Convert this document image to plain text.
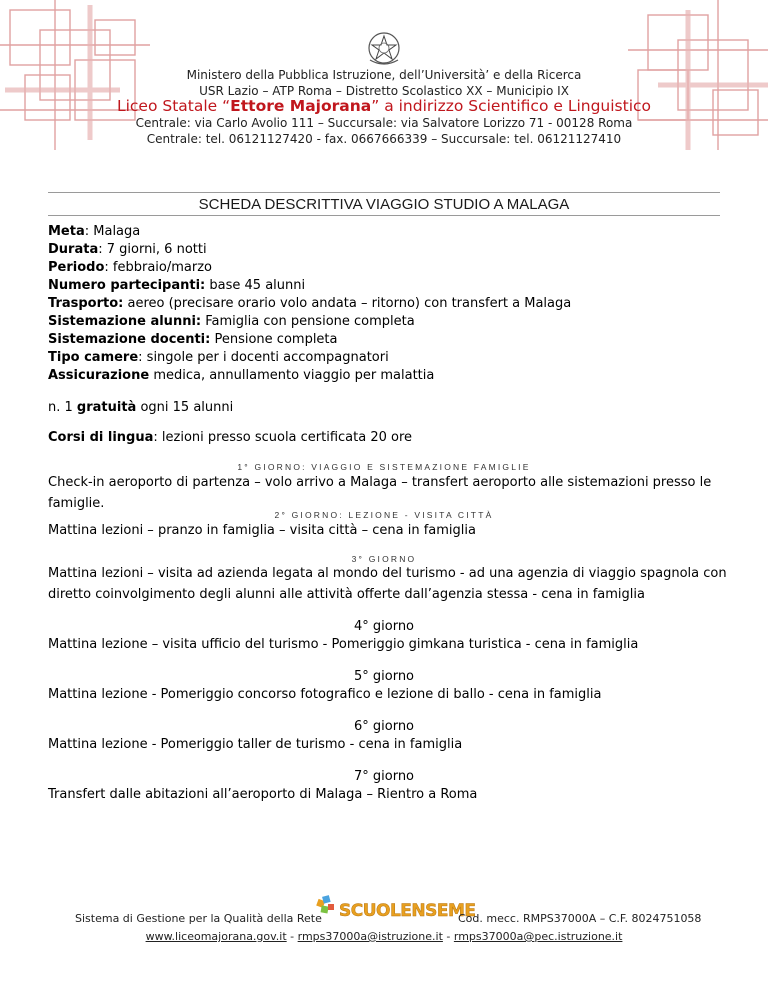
Ministero della Pubblica Istruzione, dell’Università’ e della Ricerca
USR Lazio – ATP Roma – Distretto Scolastico XX – Municipio IX
Liceo Statale “Ettore Majorana” a indirizzo Scientifico e Linguistico
Centrale: via Carlo Avolio 111 – Succursale: via Salvatore Lorizzo 71 - 00128 Roma
Centrale: tel. 06121127420 - fax. 0667666339 – Succursale: tel. 06121127410
SCHEDA DESCRITTIVA VIAGGIO STUDIO A MALAGA
Meta: Malaga
Durata: 7 giorni, 6 notti
Periodo: febbraio/marzo
Numero partecipanti: base 45 alunni
Trasporto: aereo (precisare orario volo andata – ritorno) con transfert a Malaga
Sistemazione alunni: Famiglia con pensione completa
Sistemazione docenti: Pensione completa
Tipo camere: singole per i docenti accompagnatori
Assicurazione medica, annullamento viaggio per malattia
n. 1 gratuità ogni 15 alunni
Corsi di lingua: lezioni presso scuola certificata 20 ore
1° GIORNO: VIAGGIO E SISTEMAZIONE FAMIGLIE
Check-in aeroporto di partenza – volo arrivo a Malaga – transfert aeroporto alle sistemazioni presso le famiglie.
2° GIORNO: LEZIONE - VISITA CITTÀ
Mattina lezioni – pranzo in famiglia – visita città – cena in famiglia
3° GIORNO
Mattina lezioni – visita ad azienda legata al mondo del turismo - ad una agenzia di viaggio spagnola con diretto coinvolgimento degli alunni alle attività offerte dall’agenzia stessa - cena in famiglia
4° giorno
Mattina lezione – visita ufficio del turismo - Pomeriggio gimkana turistica - cena in famiglia
5° giorno
Mattina lezione - Pomeriggio concorso fotografico e lezione di ballo - cena in famiglia
6° giorno
Mattina lezione - Pomeriggio taller de turismo - cena in famiglia
7° giorno
Transfert dalle abitazioni all’aeroporto di Malaga – Rientro a Roma
Sistema di Gestione per la Qualità della Rete SCUOLENSEME
Cod. mecc. RMPS37000A – C.F. 8024751058
www.liceomajorana.gov.it - rmps37000a@istruzione.it - rmps37000a@pec.istruzione.it
